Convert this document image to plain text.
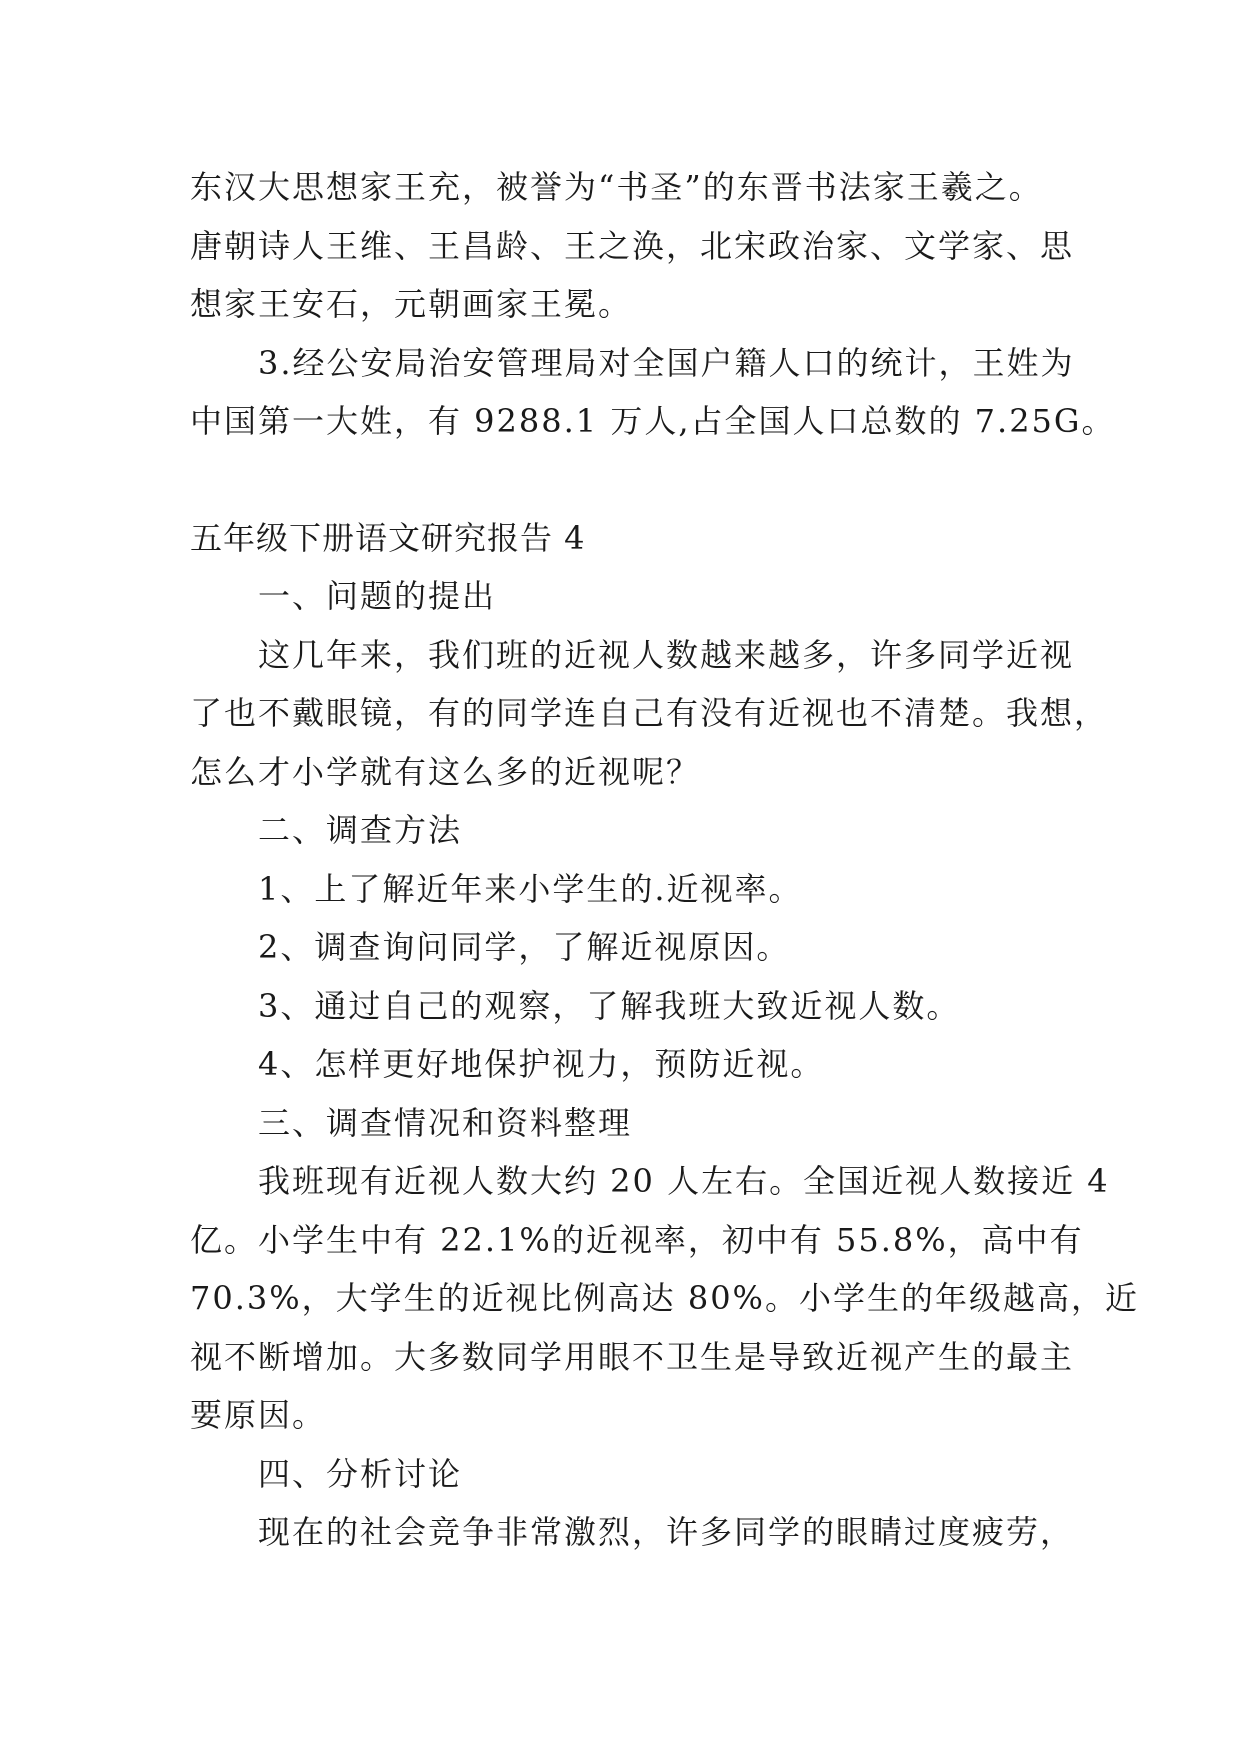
东汉大思想家王充，被誉为“书圣”的东晋书法家王羲之。

唐朝诗人王维、王昌龄、王之涣，北宋政治家、文学家、思

想家王安石，元朝画家王冕。

3.经公安局治安管理局对全国户籍人口的统计，王姓为

中国第一大姓，有 9288.1 万人,占全国人口总数的 7.25G。

五年级下册语文研究报告 4

一、问题的提出

这几年来，我们班的近视人数越来越多，许多同学近视

了也不戴眼镜，有的同学连自己有没有近视也不清楚。我想，

怎么才小学就有这么多的近视呢？

二、调查方法

1、上了解近年来小学生的.近视率。

2、调查询问同学，了解近视原因。

3、通过自己的观察，了解我班大致近视人数。

4、怎样更好地保护视力，预防近视。

三、调查情况和资料整理

我班现有近视人数大约 20 人左右。全国近视人数接近 4

亿。小学生中有 22.1%的近视率，初中有 55.8%，高中有

70.3%，大学生的近视比例高达 80%。小学生的年级越高，近

视不断增加。大多数同学用眼不卫生是导致近视产生的最主

要原因。

四、分析讨论

现在的社会竞争非常激烈，许多同学的眼睛过度疲劳，
